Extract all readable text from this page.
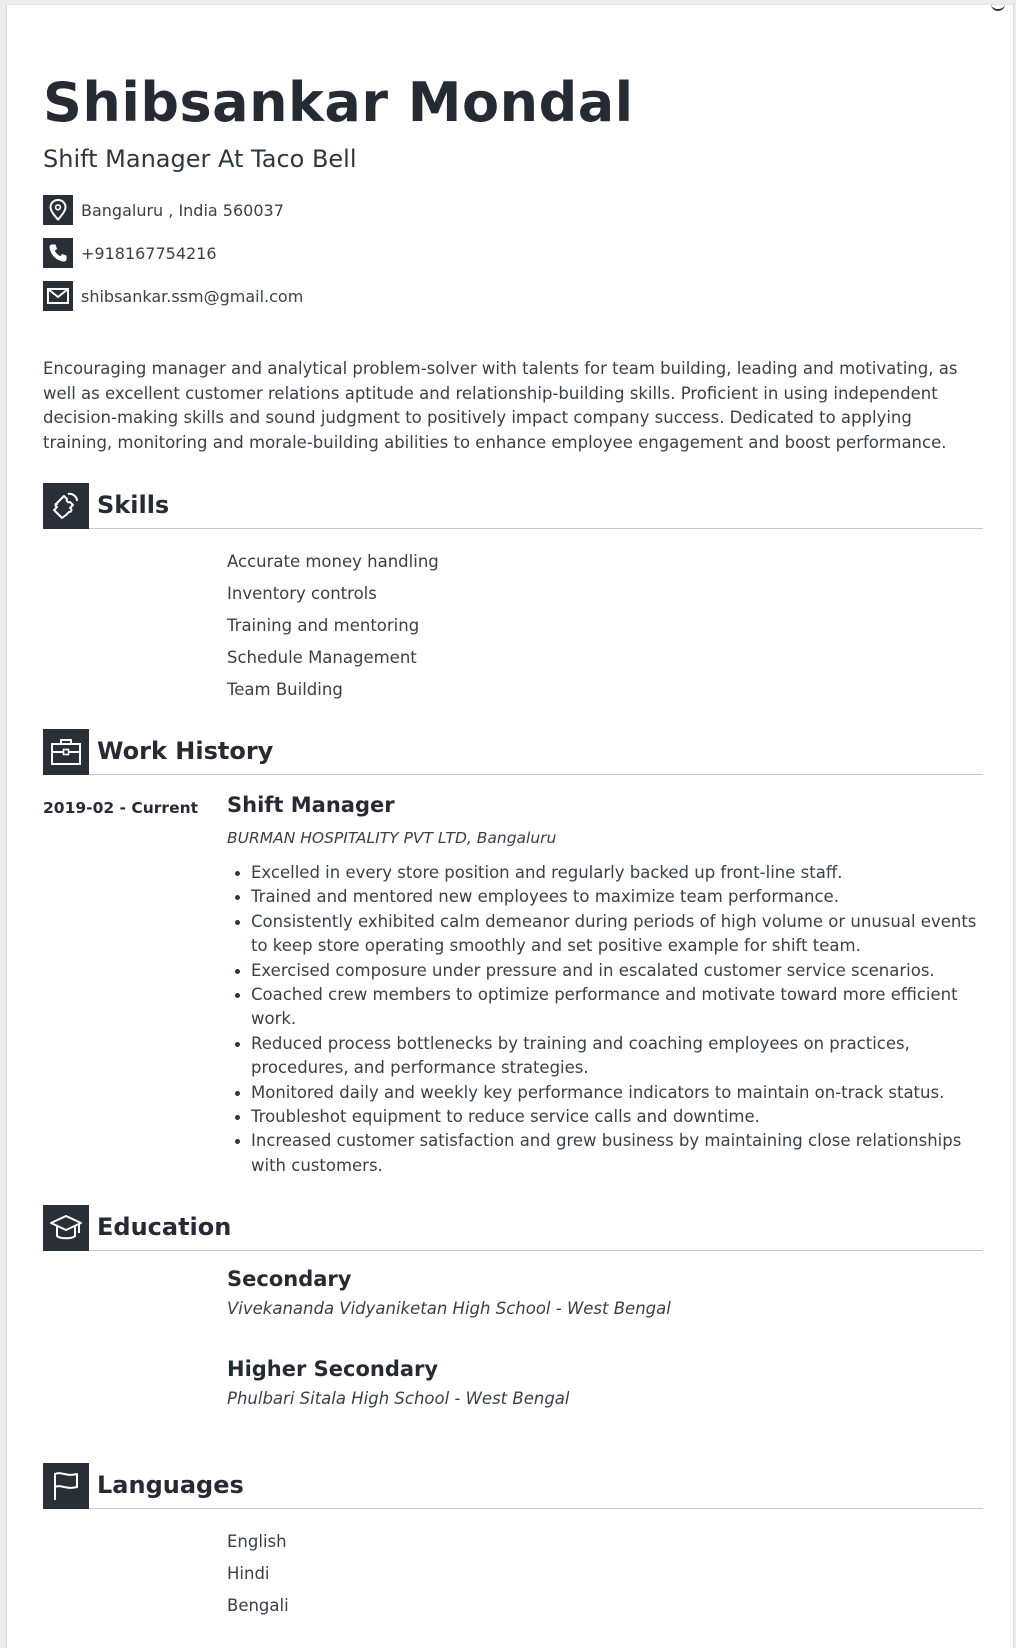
Shibsankar Mondal
Shift Manager At Taco Bell
Bangaluru , India 560037
+918167754216
shibsankar.ssm@gmail.com

Encouraging manager and analytical problem-solver with talents for team building, leading and motivating, as well as excellent customer relations aptitude and relationship-building skills. Proficient in using independent decision-making skills and sound judgment to positively impact company success. Dedicated to applying training, monitoring and morale-building abilities to enhance employee engagement and boost performance.

Skills
Accurate money handling
Inventory controls
Training and mentoring
Schedule Management
Team Building
Work History
2019-02 - Current Shift Manager
BURMAN HOSPITALITY PVT LTD, Bangaluru
Excelled in every store position and regularly backed up front-line staff.
Trained and mentored new employees to maximize team performance.
Consistently exhibited calm demeanor during periods of high volume or unusual events to keep store operating smoothly and set positive example for shift team.
Exercised composure under pressure and in escalated customer service scenarios.
Coached crew members to optimize performance and motivate toward more efficient work.
Reduced process bottlenecks by training and coaching employees on practices, procedures, and performance strategies.
Monitored daily and weekly key performance indicators to maintain on-track status.
Troubleshot equipment to reduce service calls and downtime.
Increased customer satisfaction and grew business by maintaining close relationships with customers.
Education
Secondary
Vivekananda Vidyaniketan High School - West Bengal
Higher Secondary
Phulbari Sitala High School - West Bengal
Languages
English
Hindi
Bengali
